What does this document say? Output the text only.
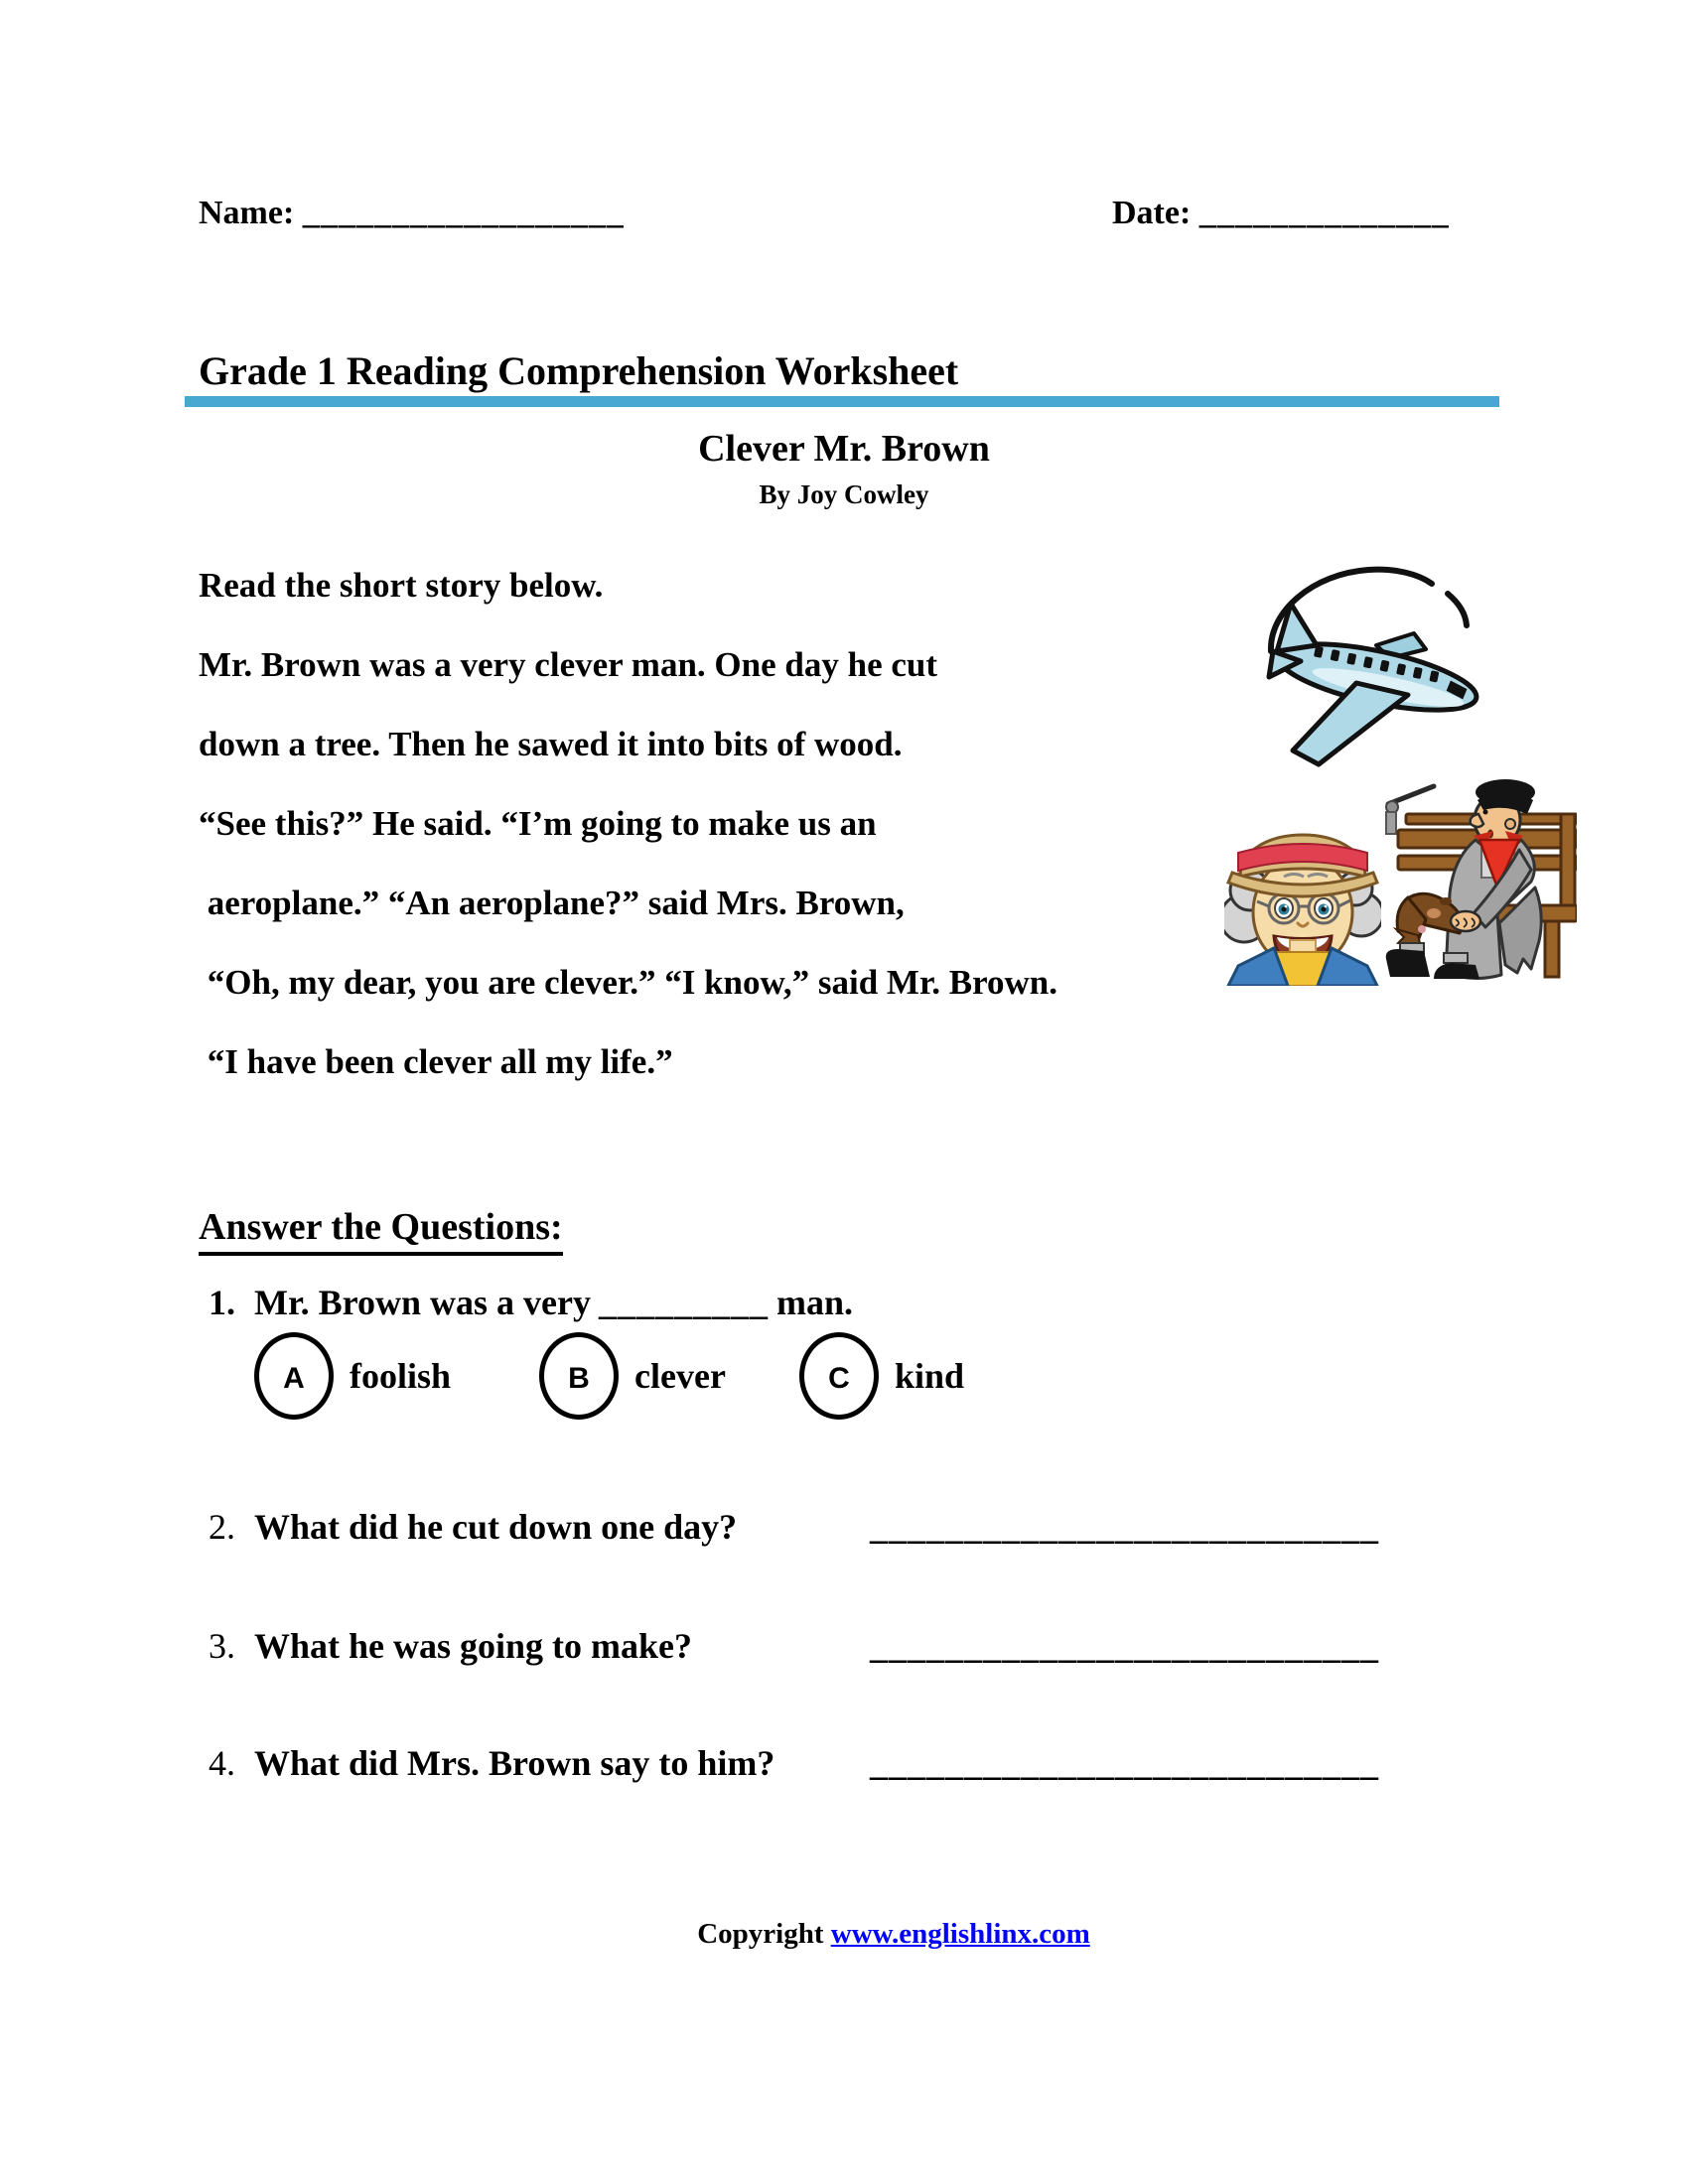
Name: __________________	Date: ______________
Grade 1 Reading Comprehension Worksheet
Clever Mr. Brown
By Joy Cowley
Read the short story below.
Mr. Brown was a very clever man. One day he cut
down a tree. Then he sawed it into bits of wood.
“See this?” He said. “I’m going to make us an
aeroplane.” “An aeroplane?” said Mrs. Brown,
“Oh, my dear, you are clever.” “I know,” said Mr. Brown.
“I have been clever all my life.”
Answer the Questions:
1. Mr. Brown was a very _________ man.
A foolish	B clever	C kind
2. What did he cut down one day?	___________________________
3. What he was going to make?	___________________________
4. What did Mrs. Brown say to him?	___________________________
Copyright www.englishlinx.com
